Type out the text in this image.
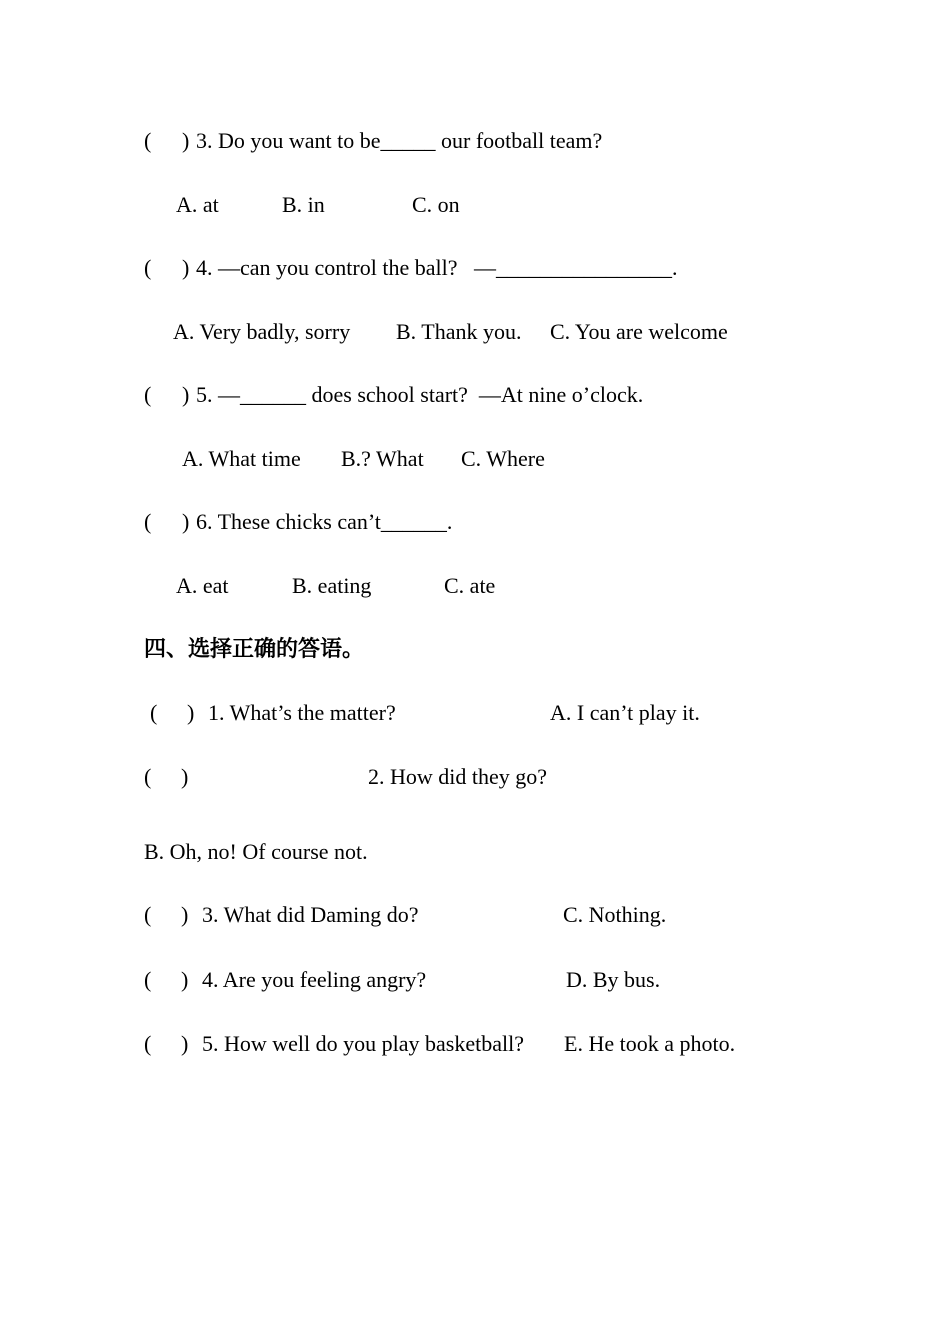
( ) 3. Do you want to be_____ our football team?
A. at	B. in	C. on
( ) 4. —can you control the ball?   —________________.
A. Very badly, sorry B. Thank you. C. You are welcome
( ) 5. —______ does school start?  —At nine o’clock.
A. What time B.? What C. Where
( ) 6. These chicks can’t______.
A. eat	B. eating	C. ate
四、选择正确的答语。
( ) 1. What’s the matter?	A. I can’t play it.
( )	2. How did they go?
B. Oh, no! Of course not.
( ) 3. What did Daming do?	C. Nothing.
( ) 4. Are you feeling angry?	D. By bus.
( ) 5. How well do you play basketball? E. He took a photo.
